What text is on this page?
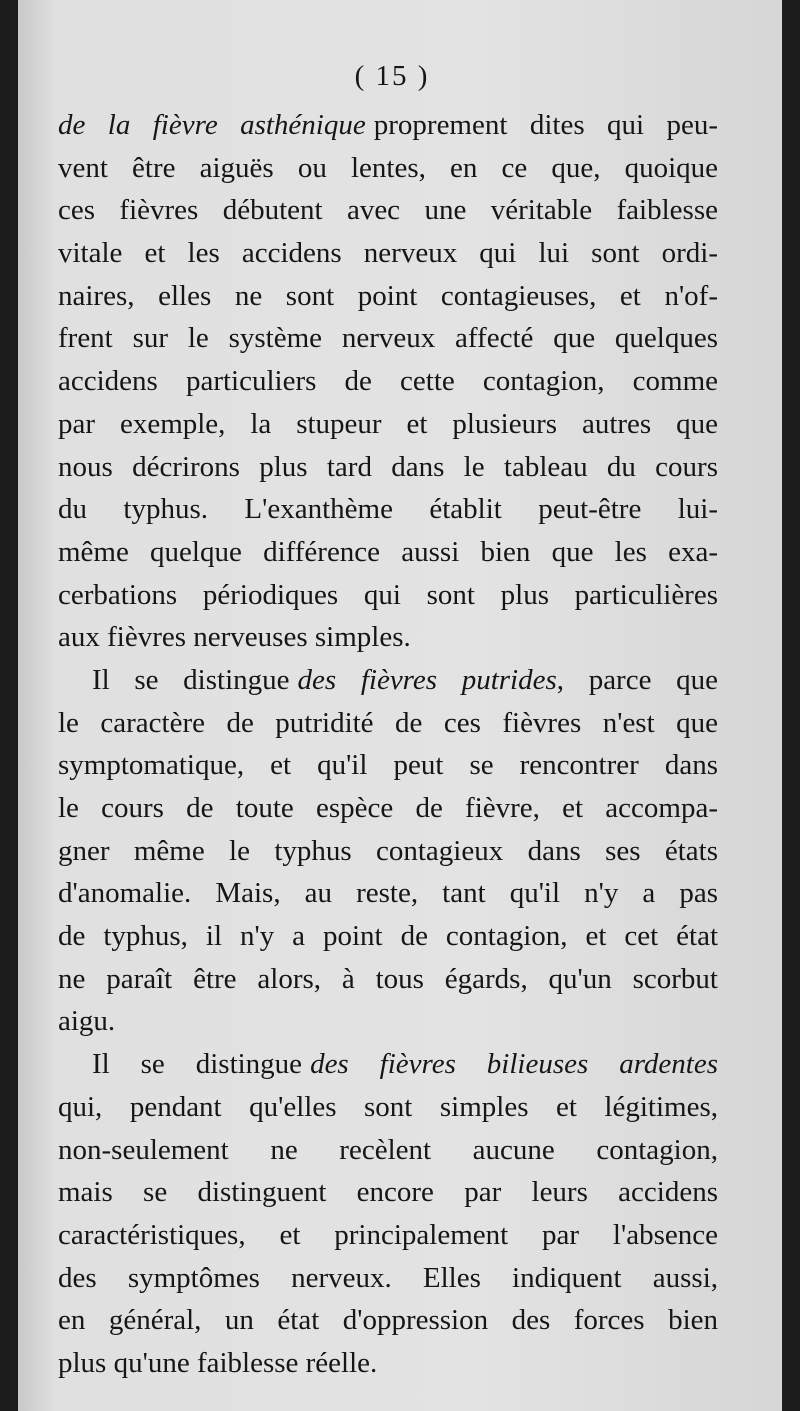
( 15 )
de la fièvre asthénique proprement dites qui peu-
vent être aiguës ou lentes, en ce que, quoique
ces fièvres débutent avec une véritable faiblesse
vitale et les accidens nerveux qui lui sont ordi-
naires, elles ne sont point contagieuses, et n'of-
frent sur le système nerveux affecté que quelques
accidens particuliers de cette contagion, comme
par exemple, la stupeur et plusieurs autres que
nous décrirons plus tard dans le tableau du cours
du typhus. L'exanthème établit peut-être lui-
même quelque différence aussi bien que les exa-
cerbations périodiques qui sont plus particulières
aux fièvres nerveuses simples.
Il se distingue des fièvres putrides, parce que
le caractère de putridité de ces fièvres n'est que
symptomatique, et qu'il peut se rencontrer dans
le cours de toute espèce de fièvre, et accompa-
gner même le typhus contagieux dans ses états
d'anomalie. Mais, au reste, tant qu'il n'y a pas
de typhus, il n'y a point de contagion, et cet état
ne paraît être alors, à tous égards, qu'un scorbut
aigu.
Il se distingue des fièvres bilieuses ardentes
qui, pendant qu'elles sont simples et légitimes,
non-seulement ne recèlent aucune contagion,
mais se distinguent encore par leurs accidens
caractéristiques, et principalement par l'absence
des symptômes nerveux. Elles indiquent aussi,
en général, un état d'oppression des forces bien
plus qu'une faiblesse réelle.
